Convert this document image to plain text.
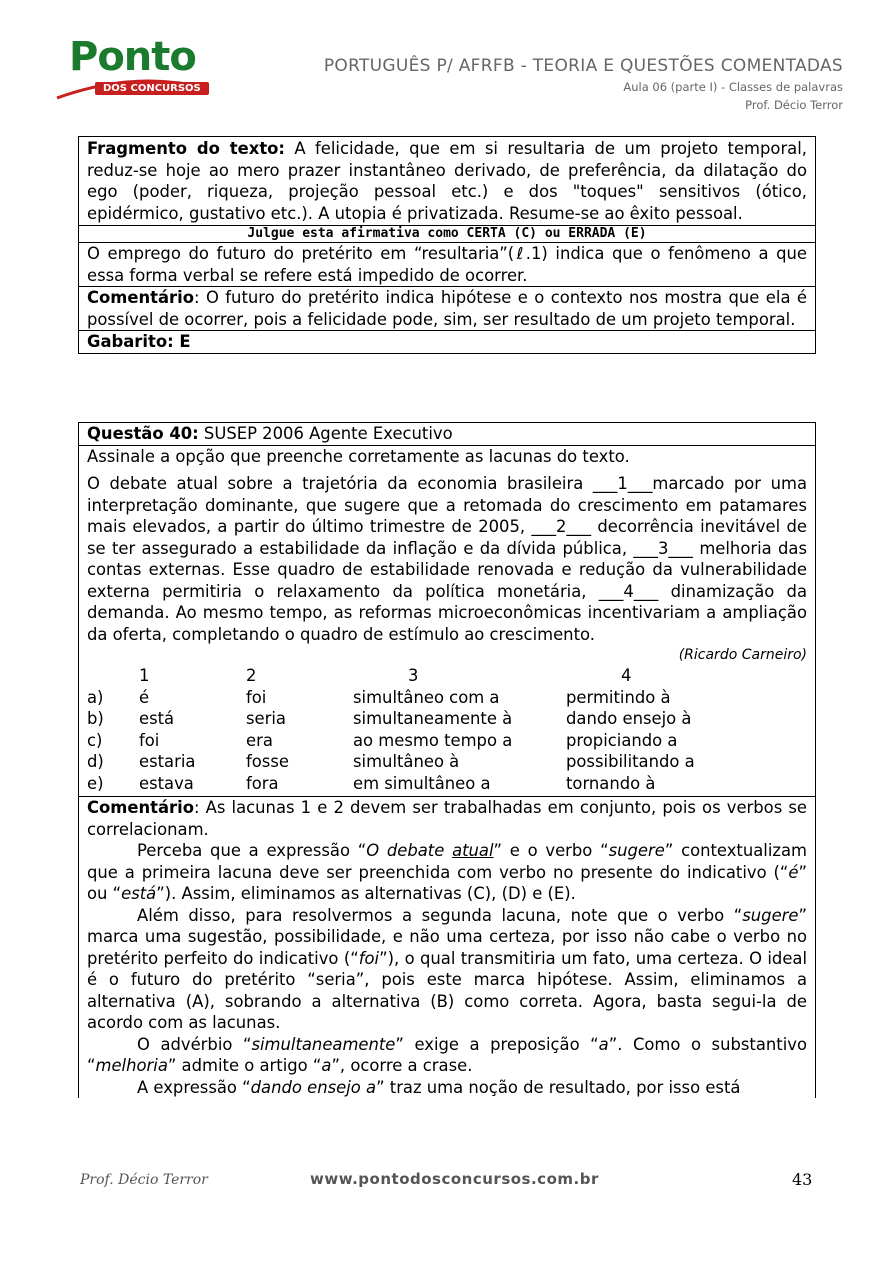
Ponto
DOS CONCURSOS
PORTUGUÊS P/ AFRFB - TEORIA E QUESTÕES COMENTADAS
Aula 06 (parte I) - Classes de palavras
Prof. Décio Terror
Fragmento do texto: A felicidade, que em si resultaria de um projeto temporal, reduz-se hoje ao mero prazer instantâneo derivado, de preferência, da dilatação do ego (poder, riqueza, projeção pessoal etc.) e dos "toques" sensitivos (ótico, epidérmico, gustativo etc.). A utopia é privatizada. Resume-se ao êxito pessoal.
Julgue esta afirmativa como CERTA (C) ou ERRADA (E)
O emprego do futuro do pretérito em “resultaria”(ℓ.1) indica que o fenômeno a que essa forma verbal se refere está impedido de ocorrer.
Comentário: O futuro do pretérito indica hipótese e o contexto nos mostra que ela é possível de ocorrer, pois a felicidade pode, sim, ser resultado de um projeto temporal.
Gabarito: E
Questão 40: SUSEP 2006 Agente Executivo

Assinale a opção que preenche corretamente as lacunas do texto.

O debate atual sobre a trajetória da economia brasileira ___1___marcado por uma interpretação dominante, que sugere que a retomada do crescimento em patamares mais elevados, a partir do último trimestre de 2005, ___2___ decorrência inevitável de se ter assegurado a estabilidade da inflação e da dívida pública, ___3___ melhoria das contas externas. Esse quadro de estabilidade renovada e redução da vulnerabilidade externa permitiria o relaxamento da política monetária, ___4___ dinamização da demanda. Ao mesmo tempo, as reformas microeconômicas incentivariam a ampliação da oferta, completando o quadro de estímulo ao crescimento.

(Ricardo Carneiro)
	1	2	3	4
a)	é	foi	simultâneo com a	permitindo à
b)	está	seria	simultaneamente à	dando ensejo à
c)	foi	era	ao mesmo tempo a	propiciando a
d)	estaria	fosse	simultâneo à	possibilitando a
e)	estava	fora	em simultâneo a	tornando à

Comentário: As lacunas 1 e 2 devem ser trabalhadas em conjunto, pois os verbos se correlacionam.

Perceba que a expressão “O debate atual” e o verbo “sugere” contextualizam que a primeira lacuna deve ser preenchida com verbo no presente do indicativo (“é” ou “está”). Assim, eliminamos as alternativas (C), (D) e (E).

Além disso, para resolvermos a segunda lacuna, note que o verbo “sugere” marca uma sugestão, possibilidade, e não uma certeza, por isso não cabe o verbo no pretérito perfeito do indicativo (“foi”), o qual transmitiria um fato, uma certeza. O ideal é o futuro do pretérito “seria”, pois este marca hipótese. Assim, eliminamos a alternativa (A), sobrando a alternativa (B) como correta. Agora, basta segui-la de acordo com as lacunas.

O advérbio “simultaneamente” exige a preposição “a”. Como o substantivo “melhoria” admite o artigo “a”, ocorre a crase.

A expressão “dando ensejo a” traz uma noção de resultado, por isso está

Prof. Décio Terror	www.pontodosconcursos.com.br	43
